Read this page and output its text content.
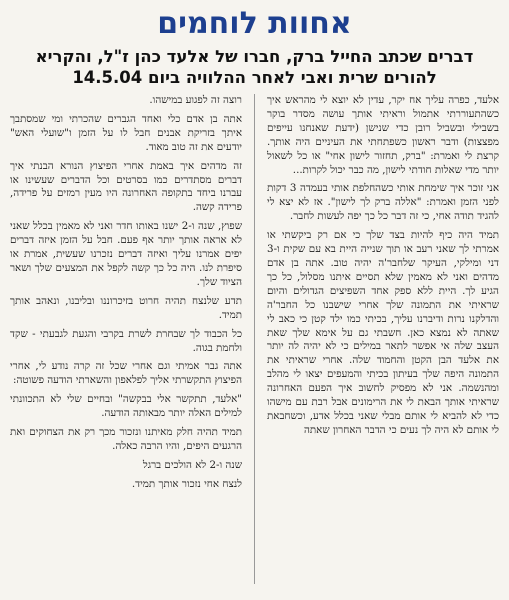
אחוות לוחמים
דברים שכתב החייל ברק, חברו של אלעד כהן ז"ל, והקריא
להורים שרית ואבי לאחר ההלוויה ביום 14.5.04

אלעד, כפרה עליך אח יקר, עדין לא יוצא לי מהראש איך כשהתעוררתי אתמול וראיתי אותך עושה מסדר בוקר בשבילי ובשביל רובן כדי שנישן (ידעת שאנחנו עייפים מפצצות) ודבר ראשון כשפתחתי את העיניים היה אותך. קרצת לי ואמרת: "ברק, תחזור לישון אחי" או כל לשאול יותר מדי שאלות חודתי לישון, מה כבר יכול לקרות...

אני זוכר איך שימחת אותי כשהחלפת אותי בעמדה 3 דקות לפני הזמן ואמרת: "אללה ברק לך לישון". אז לא יצא לי להגיד תודה אחי, כי זה דבר כל כך יפה לעשות לחבר.

תמיד היה כיף להיות בצד שלך כי אם רק ביקשתי או אמרתי לך שאני רעב או תוך שנייה היית בא עם שקית ו-3 דני ומילקי, העיקר שלחבר'ה יהיה טוב. אתה בן אדם מדהים ואני לא מאמין שלא תסיים איתנו מסלול, כל כך הגיע לך. היית ללא ספק אחד השפיצים הגדולים והיום שראיתי את התמונה שלך אחרי שישבנו כל החבר'ה והדלקנו נרות ודיברנו עליך, בכיתי כמו ילד קטן כי כאב לי שאתה לא נמצא כאן. חשבתי גם על אימא שלך שאת העצב שלה אי אפשר לתאר במילים כי לא יהיה לה יותר את אלעד הבן הקטן והחמוד שלה. אחרי שראיתי את התמונה היפה שלך בעיתון בכיתי והמעפים יצאו לי מהלב ומהנשמה. אני לא מפסיק לחשוב איך הפעם האחרונה שראיתי אותך הבאת לי את הרימונים אבל רבת עם מישהו כדי לא להביא לי אותם מבלי שאני בכלל אדע, וכשחבאת לי אותם לא היה לך נעים כי הדבר האחרון שאתה

רוצה זה לפגוע במישהו.

אתה בן אדם כלי ואחד הגברים שהכרתי ומי שמסתבך איתך בזריקת אבנים חבל לו על הזמן ו"שועלי האש" יודעים את זה טוב מאוד.

זה מדהים איך באמת אחרי הפיצוץ הנורא הבנתי איך דברים מסתדרים כמו בסרטים וכל הדברים שעשינו או עברנו ביחד בתקופה האחרונה היו מעין רמזים על פרידה, פרידה קשה.

שפוץ, שנה ו-2 ישנו באותו חדר ואני לא מאמין בכלל שאני לא אראה אותך יותר אף פעם. חבל על הזמן איזה דברים יפים אמרנו עליך ואיזה דברים נזכרנו שעשית, אמרת או סיפרת לנו. היה כל כך קשה לקפל את המצעים שלך ושאר הציוד שלך.

תדע שלנצח תהיה חרוט בזיכרוננו ובליבנו, ונאהב אותך תמיד.

כל הכבוד לך שבחרת לשרת בקרבי והגעת לגבעתי - שקד ולחמת בגוה.

אתה גבר אמיתי וגם אחרי שכל זה קרה נודע לי, אחרי הפיצוץ התקשרתי אליך לפלאפון והשארתי הודעה פשוטה:

"אלעד, תתקשר אלי בבקשה" ובחיים שלי לא התכוונתי למילים האלה יותר מבאותה הודעה.

תמיד תהיה חלק מאיתנו ונזכור מכך רק את הצחוקים ואת הרגעים היפים, והיו הרבה כאלה.

שנה ו-2 לא הולכים ברגל

לנצח אחי נזכור אותך תמיד.
